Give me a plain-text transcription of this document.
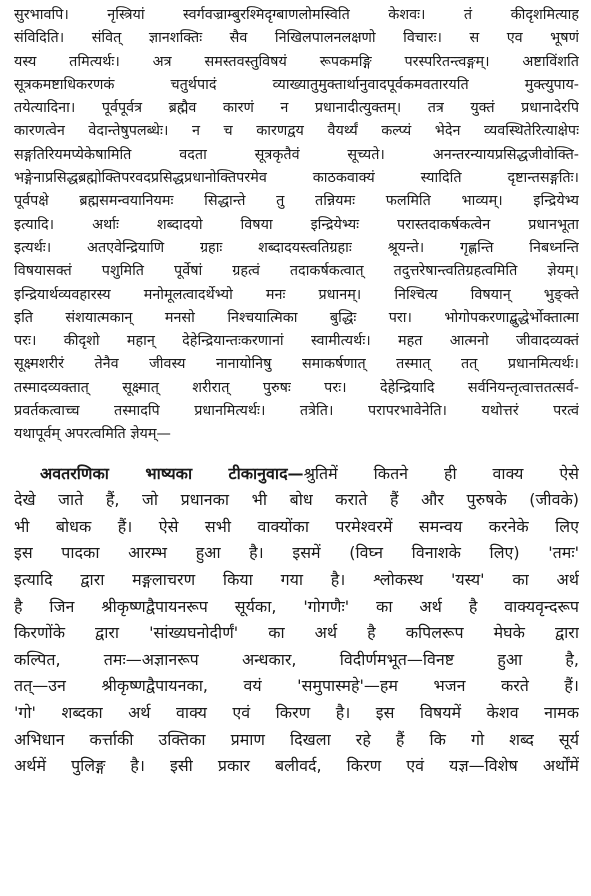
सुरभावपि। नृस्त्रियां स्वर्गवज्राम्बुरश्मिदृग्बाणलोमस्विति केशवः। तं कीदृशमित्याह
संविदिति। संवित् ज्ञानशक्तिः सैव निखिलपालनलक्षणो विचारः। स एव भूषणं
यस्य तमित्यर्थः। अत्र समस्तवस्तुविषयं रूपकमङ्गि परस्परितन्त्वङ्गम्। अष्टाविंशति
सूत्रकमष्टाधिकरणकं चतुर्थपादं व्याख्यातुमुक्तार्थानुवादपूर्वकमवतारयति मुक्त्युपाय-
तयेत्यादिना। पूर्वपूर्वत्र ब्रह्मैव कारणं न प्रधानादीत्युक्तम्। तत्र युक्तं प्रधानादेरपि
कारणत्वेन वेदान्तेषुपलब्धेः। न च कारणद्वय वैयर्थ्यं कल्प्यं भेदेन व्यवस्थितेरित्याक्षेपः
सङ्गतिरियमप्येकेषामिति वदता सूत्रकृतैवं सूच्यते। अनन्तरन्यायप्रसिद्धजीवोक्ति-
भङ्गेनाप्रसिद्धब्रह्मोक्तिपरवदप्रसिद्धप्रधानोक्तिपरमेव काठकवाक्यं स्यादिति दृष्टान्तसङ्गतिः।
पूर्वपक्षे ब्रह्मसमन्वयानियमः सिद्धान्ते तु तन्नियमः फलमिति भाव्यम्। इन्द्रियेभ्य
इत्यादि। अर्थाः शब्दादयो विषया इन्द्रियेभ्यः परास्तदाकर्षकत्वेन प्रधानभूता
इत्यर्थः। अतएवेन्द्रियाणि ग्रहाः शब्दादयस्त्वतिग्रहाः श्रूयन्ते। गृह्णन्ति निबध्नन्ति
विषयासक्तं पशुमिति पूर्वेषां ग्रहत्वं तदाकर्षकत्वात् तदुत्तरेषान्त्वतिग्रहत्वमिति ज्ञेयम्।
इन्द्रियार्थव्यवहारस्य मनोमूलत्वादर्थेभ्यो मनः प्रधानम्। निश्चित्य विषयान् भुङ्क्ते
इति संशयात्मकान् मनसो निश्चयात्मिका बुद्धिः परा। भोगोपकरणाद्बुद्धेर्भोक्तात्मा
परः। कीदृशो महान् देहेन्द्रियान्तःकरणानां स्वामीत्यर्थः। महत आत्मनो जीवादव्यक्तं
सूक्ष्मशरीरं तेनैव जीवस्य नानायोनिषु समाकर्षणात् तस्मात् तत् प्रधानमित्यर्थः।
तस्मादव्यक्तात् सूक्ष्मात् शरीरात् पुरुषः परः। देहेन्द्रियादि सर्वनियन्तृत्वात्ततत्सर्व-
प्रवर्तकत्वाच्च तस्मादपि प्रधानमित्यर्थः। तत्रेति। परापरभावेनेति। यथोत्तरं परत्वं
यथापूर्वम् अपरत्वमिति ज्ञेयम्—
अवतरणिका भाष्यका टीकानुवाद—श्रुतिमें कितने ही वाक्य ऐसे
देखे जाते हैं, जो प्रधानका भी बोध कराते हैं और पुरुषके (जीवके)
भी बोधक हैं। ऐसे सभी वाक्योंका परमेश्वरमें समन्वय करनेके लिए
इस पादका आरम्भ हुआ है। इसमें (विघ्न विनाशके लिए) 'तमः'
इत्यादि द्वारा मङ्गलाचरण किया गया है। श्लोकस्थ 'यस्य' का अर्थ
है जिन श्रीकृष्णद्वैपायनरूप सूर्यका, 'गोगणैः' का अर्थ है वाक्यवृन्दरूप
किरणोंके द्वारा 'सांख्यघनोदीर्णं' का अर्थ है कपिलरूप मेघके द्वारा
कल्पित, तमः—अज्ञानरूप अन्धकार, विदीर्णमभूत—विनष्ट हुआ है,
तत्—उन श्रीकृष्णद्वैपायनका, वयं 'समुपास्महे'—हम भजन करते हैं।
'गो' शब्दका अर्थ वाक्य एवं किरण है। इस विषयमें केशव नामक
अभिधान कर्त्ताकी उक्तिका प्रमाण दिखला रहे हैं कि गो शब्द सूर्य
अर्थमें पुलिङ्ग है। इसी प्रकार बलीवर्द, किरण एवं यज्ञ—विशेष अर्थोंमें
